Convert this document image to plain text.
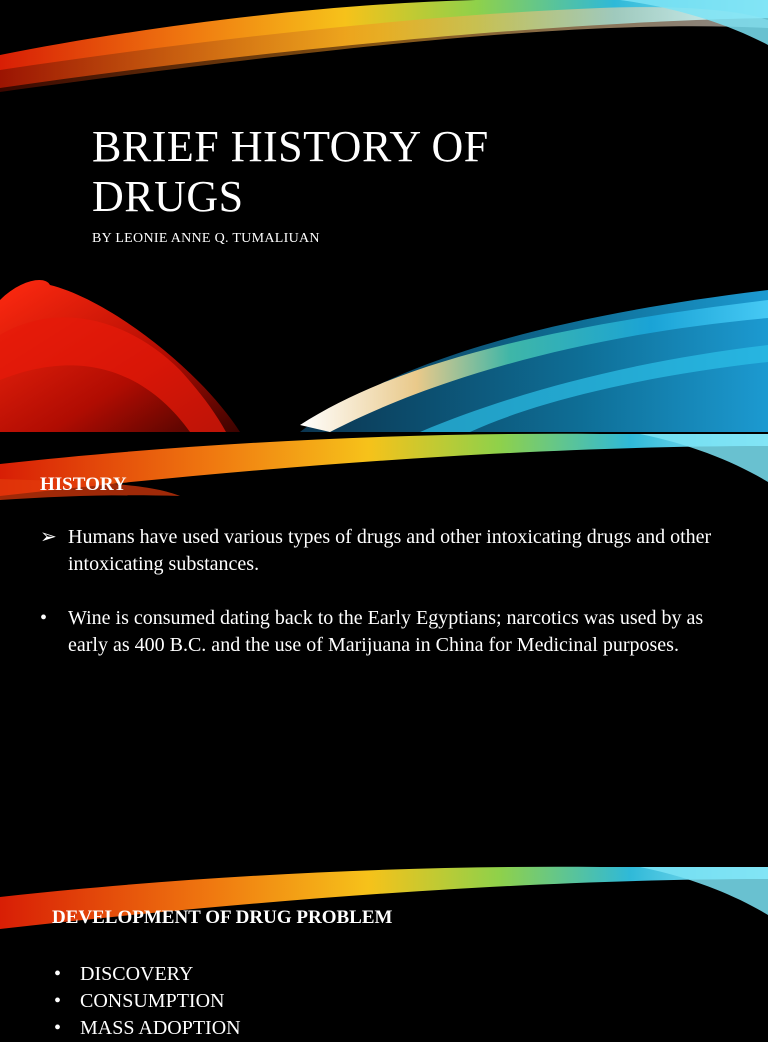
BRIEF HISTORY OF DRUGS

BY LEONIE ANNE Q. TUMALIUAN

HISTORY

➢ Humans have used various types of drugs and other intoxicating drugs and other intoxicating substances.

• Wine is consumed dating back to the Early Egyptians; narcotics was used by as early as 400 B.C. and the use of Marijuana in China for Medicinal purposes.

DEVELOPMENT OF DRUG PROBLEM
• DISCOVERY
• CONSUMPTION
• MASS ADOPTION
